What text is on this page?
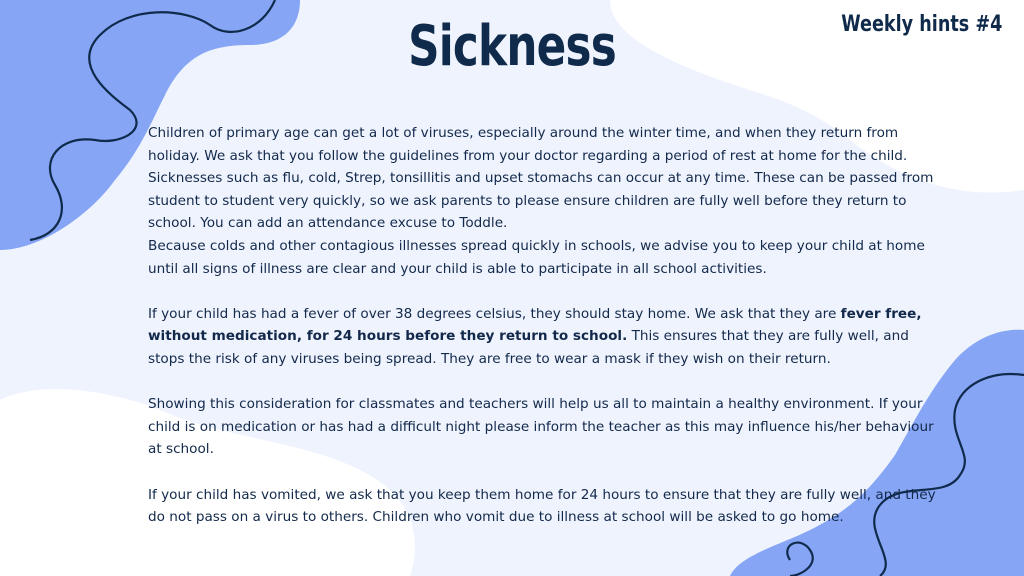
Sickness	Weekly hints #4

Children of primary age can get a lot of viruses, especially around the winter time, and when they return from holiday. We ask that you follow the guidelines from your doctor regarding a period of rest at home for the child. Sicknesses such as flu, cold, Strep, tonsillitis and upset stomachs can occur at any time. These can be passed from student to student very quickly, so we ask parents to please ensure children are fully well before they return to school. You can add an attendance excuse to Toddle.

Because colds and other contagious illnesses spread quickly in schools, we advise you to keep your child at home until all signs of illness are clear and your child is able to participate in all school activities.

If your child has had a fever of over 38 degrees celsius, they should stay home. We ask that they are fever free, without medication, for 24 hours before they return to school. This ensures that they are fully well, and stops the risk of any viruses being spread. They are free to wear a mask if they wish on their return.

Showing this consideration for classmates and teachers will help us all to maintain a healthy environment. If your child is on medication or has had a difficult night please inform the teacher as this may influence his/her behaviour at school.

If your child has vomited, we ask that you keep them home for 24 hours to ensure that they are fully well, and they do not pass on a virus to others. Children who vomit due to illness at school will be asked to go home.
